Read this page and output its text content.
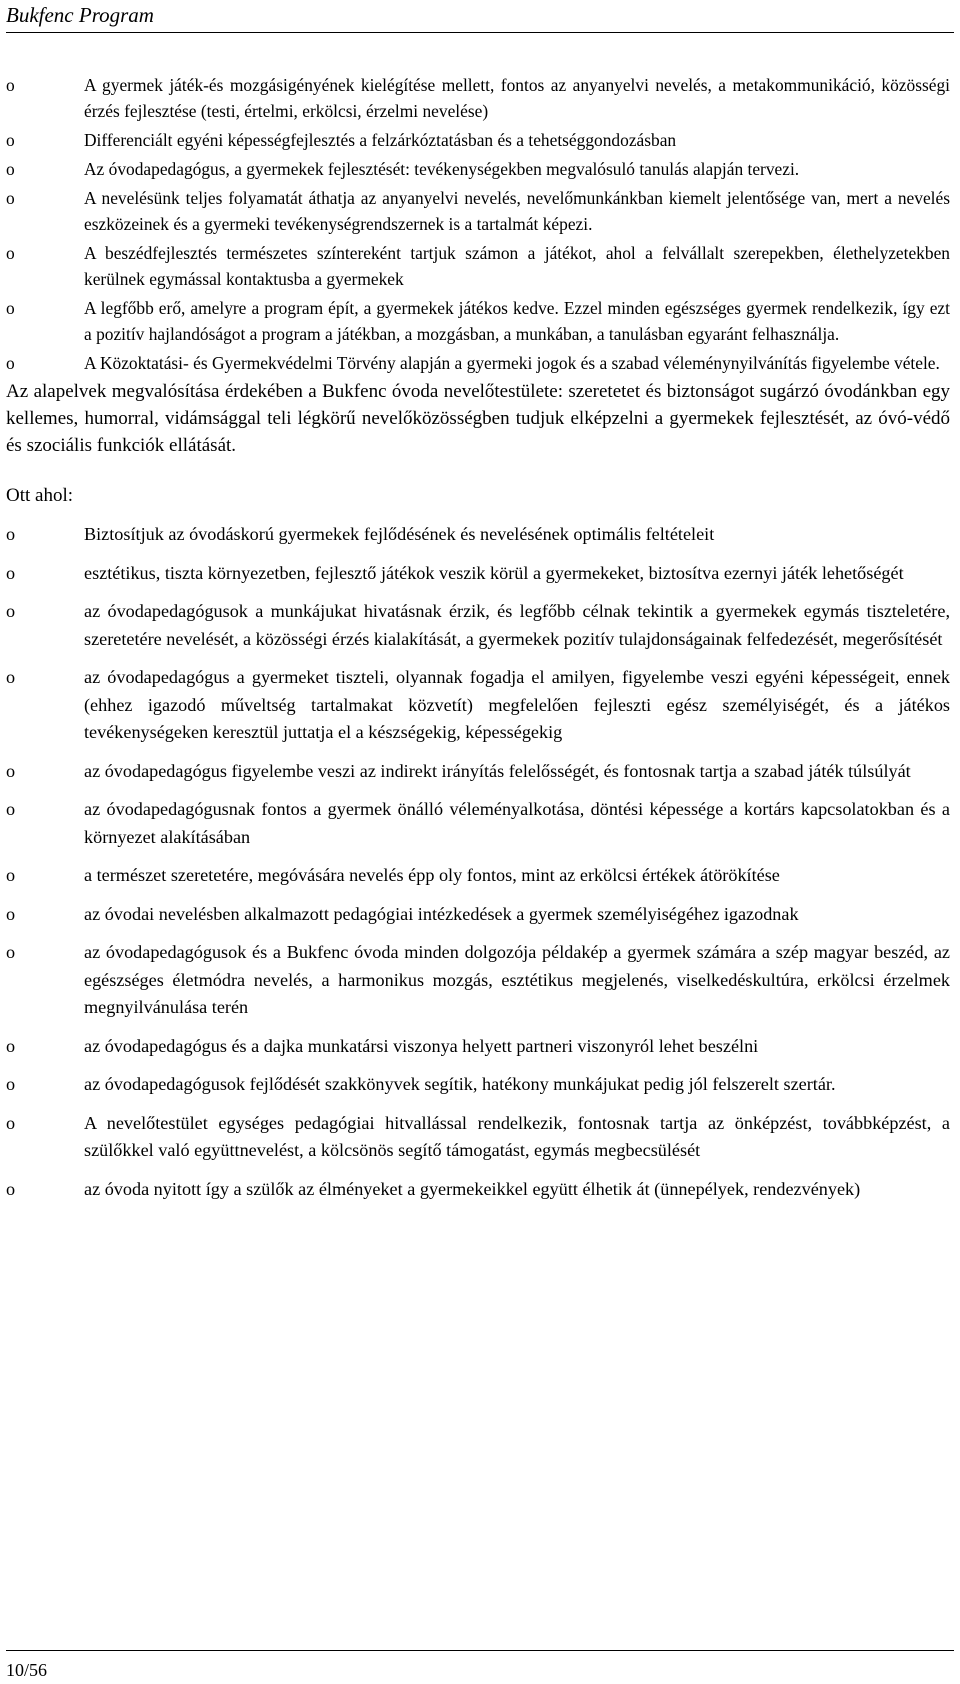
Bukfenc Program
o	A gyermek játék-és mozgásigényének kielégítése mellett, fontos az anyanyelvi nevelés, a metakommunikáció, közösségi érzés fejlesztése (testi, értelmi, erkölcsi, érzelmi nevelése)
o	Differenciált egyéni képességfejlesztés a felzárkóztatásban és a tehetséggondozásban
o	Az óvodapedagógus, a gyermekek fejlesztését: tevékenységekben megvalósuló tanulás alapján tervezi.
o	A nevelésünk teljes folyamatát áthatja az anyanyelvi nevelés, nevelőmunkánkban kiemelt jelentősége van, mert a nevelés eszközeinek és a gyermeki tevékenységrendszernek is a tartalmát képezi.
o	A beszédfejlesztés természetes színtereként tartjuk számon a játékot, ahol a felvállalt szerepekben, élethelyzetekben kerülnek egymással kontaktusba a gyermekek
o	A legfőbb erő, amelyre a program épít, a gyermekek játékos kedve. Ezzel minden egészséges gyermek rendelkezik, így ezt a pozitív hajlandóságot a program a játékban, a mozgásban, a munkában, a tanulásban egyaránt felhasználja.
o	A Közoktatási- és Gyermekvédelmi Törvény alapján a gyermeki jogok és a szabad véleménynyilvánítás figyelembe vétele.

Az alapelvek megvalósítása érdekében a Bukfenc óvoda nevelőtestülete: szeretetet és biztonságot sugárzó óvodánkban egy kellemes, humorral, vidámsággal teli légkörű nevelőközösségben tudjuk elképzelni a gyermekek fejlesztését, az óvó-védő és szociális funkciók ellátását.

Ott ahol:

o	Biztosítjuk az óvodáskorú gyermekek fejlődésének és nevelésének optimális feltételeit
o	esztétikus, tiszta környezetben, fejlesztő játékok veszik körül a gyermekeket, biztosítva ezernyi játék lehetőségét
o	az óvodapedagógusok a munkájukat hivatásnak érzik, és legfőbb célnak tekintik a gyermekek egymás tiszteletére, szeretetére nevelését, a közösségi érzés kialakítását, a gyermekek pozitív tulajdonságainak felfedezését, megerősítését
o	az óvodapedagógus a gyermeket tiszteli, olyannak fogadja el amilyen, figyelembe veszi egyéni képességeit, ennek (ehhez igazodó műveltség tartalmakat közvetít) megfelelően fejleszti egész személyiségét, és a játékos tevékenységeken keresztül juttatja el a készségekig, képességekig
o	az óvodapedagógus figyelembe veszi az indirekt irányítás felelősségét, és fontosnak tartja a szabad játék túlsúlyát
o	az óvodapedagógusnak fontos a gyermek önálló véleményalkotása, döntési képessége a kortárs kapcsolatokban és a környezet alakításában
o	a természet szeretetére, megóvására nevelés épp oly fontos, mint az erkölcsi értékek átörökítése
o	az óvodai nevelésben alkalmazott pedagógiai intézkedések a gyermek személyiségéhez igazodnak
o	az óvodapedagógusok és a Bukfenc óvoda minden dolgozója példakép a gyermek számára a szép magyar beszéd, az egészséges életmódra nevelés, a harmonikus mozgás, esztétikus megjelenés, viselkedéskultúra, erkölcsi érzelmek megnyilvánulása terén
o	az óvodapedagógus és a dajka munkatársi viszonya helyett partneri viszonyról lehet beszélni
o	az óvodapedagógusok fejlődését szakkönyvek segítik, hatékony munkájukat pedig jól felszerelt szertár.
o	A nevelőtestület egységes pedagógiai hitvallással rendelkezik, fontosnak tartja az önképzést, továbbképzést, a szülőkkel való együttnevelést, a kölcsönös segítő támogatást, egymás megbecsülését
o	az óvoda nyitott így a szülők az élményeket a gyermekeikkel együtt élhetik át (ünnepélyek, rendezvények)
10/56
